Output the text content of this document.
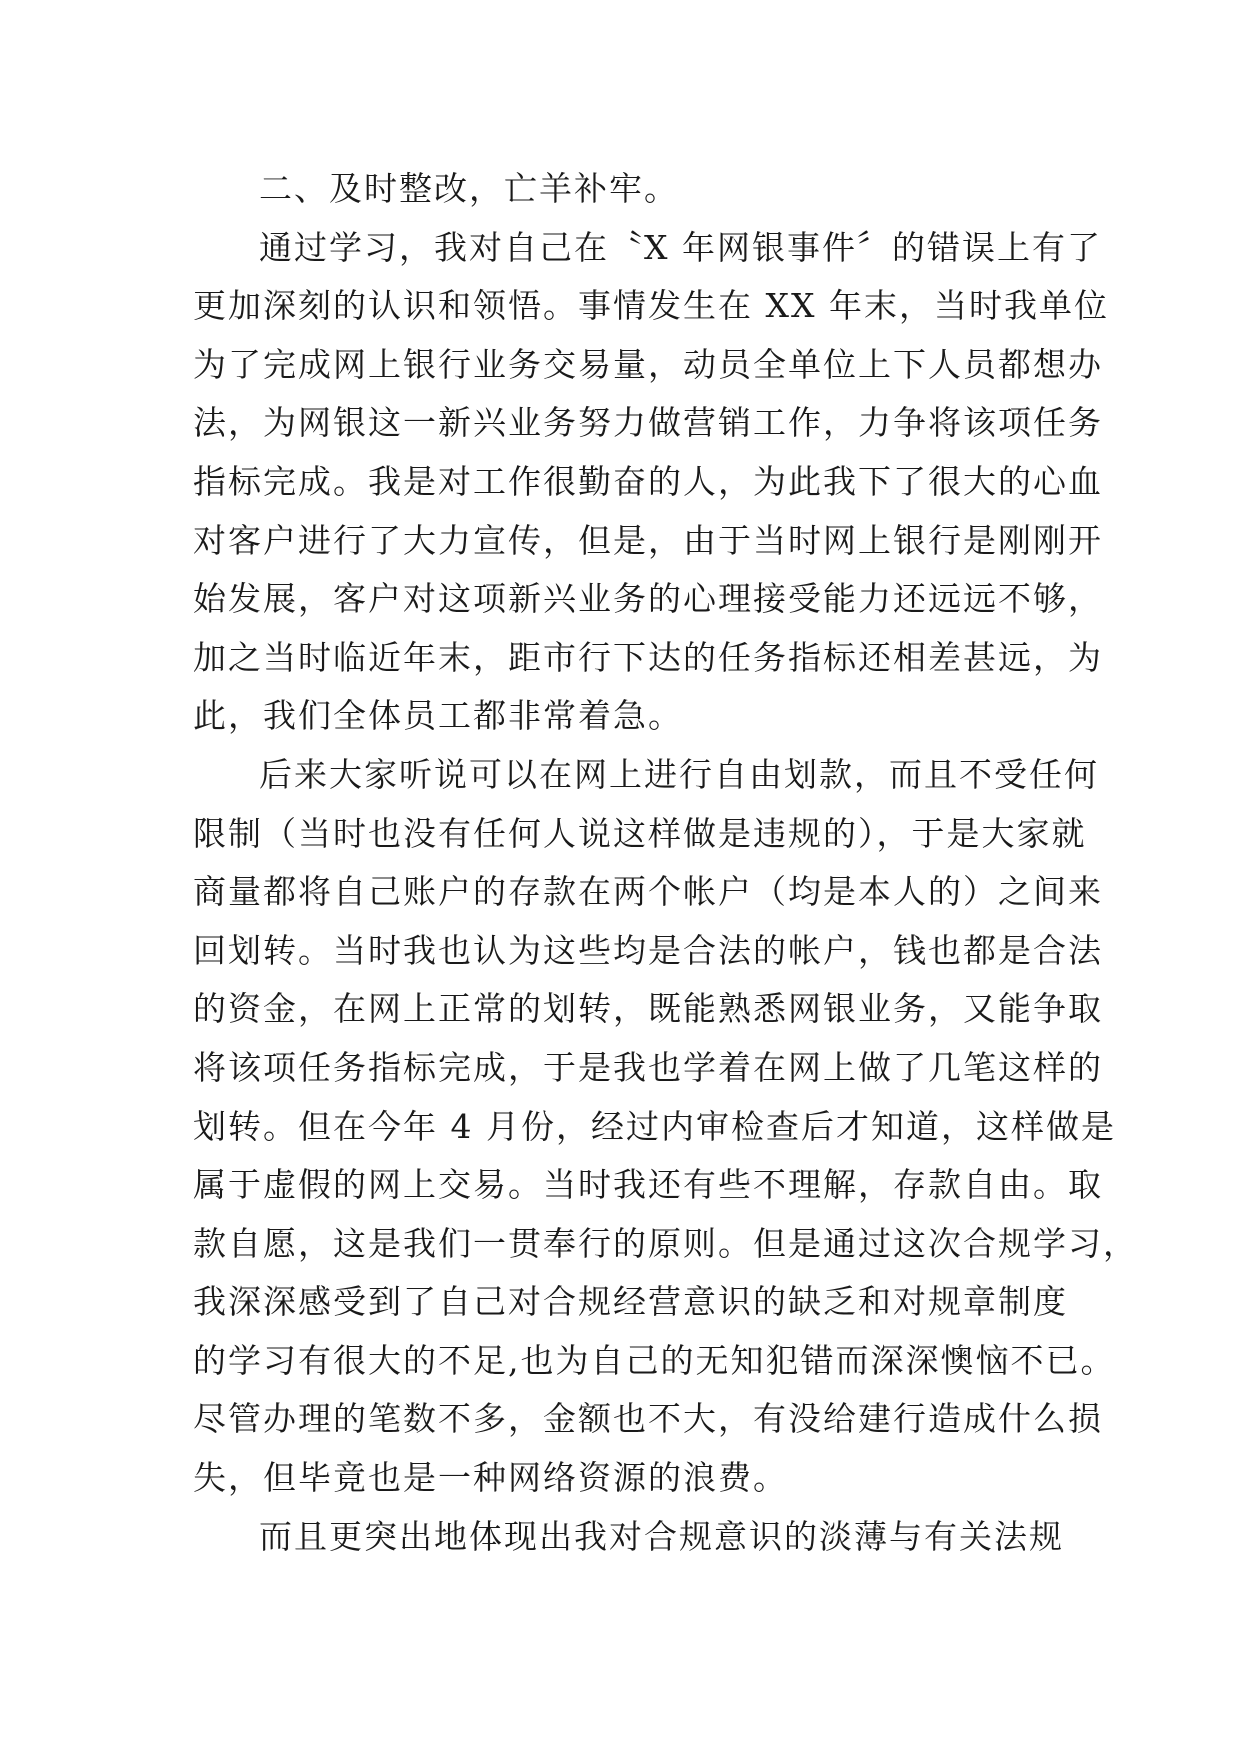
二、及时整改，亡羊补牢。
通过学习，我对自己在〝X 年网银事件〞的错误上有了
更加深刻的认识和领悟。事情发生在 XX 年末，当时我单位
为了完成网上银行业务交易量，动员全单位上下人员都想办
法，为网银这一新兴业务努力做营销工作，力争将该项任务
指标完成。我是对工作很勤奋的人，为此我下了很大的心血
对客户进行了大力宣传，但是，由于当时网上银行是刚刚开
始发展，客户对这项新兴业务的心理接受能力还远远不够，
加之当时临近年末，距市行下达的任务指标还相差甚远，为
此，我们全体员工都非常着急。
后来大家听说可以在网上进行自由划款，而且不受任何
限制（当时也没有任何人说这样做是违规的），于是大家就
商量都将自己账户的存款在两个帐户（均是本人的）之间来
回划转。当时我也认为这些均是合法的帐户，钱也都是合法
的资金，在网上正常的划转，既能熟悉网银业务，又能争取
将该项任务指标完成，于是我也学着在网上做了几笔这样的
划转。但在今年 4 月份，经过内审检查后才知道，这样做是
属于虚假的网上交易。当时我还有些不理解，存款自由。取
款自愿，这是我们一贯奉行的原则。但是通过这次合规学习，
我深深感受到了自己对合规经营意识的缺乏和对规章制度
的学习有很大的不足,也为自己的无知犯错而深深懊恼不已。
尽管办理的笔数不多，金额也不大，有没给建行造成什么损
失，但毕竟也是一种网络资源的浪费。
而且更突出地体现出我对合规意识的淡薄与有关法规
